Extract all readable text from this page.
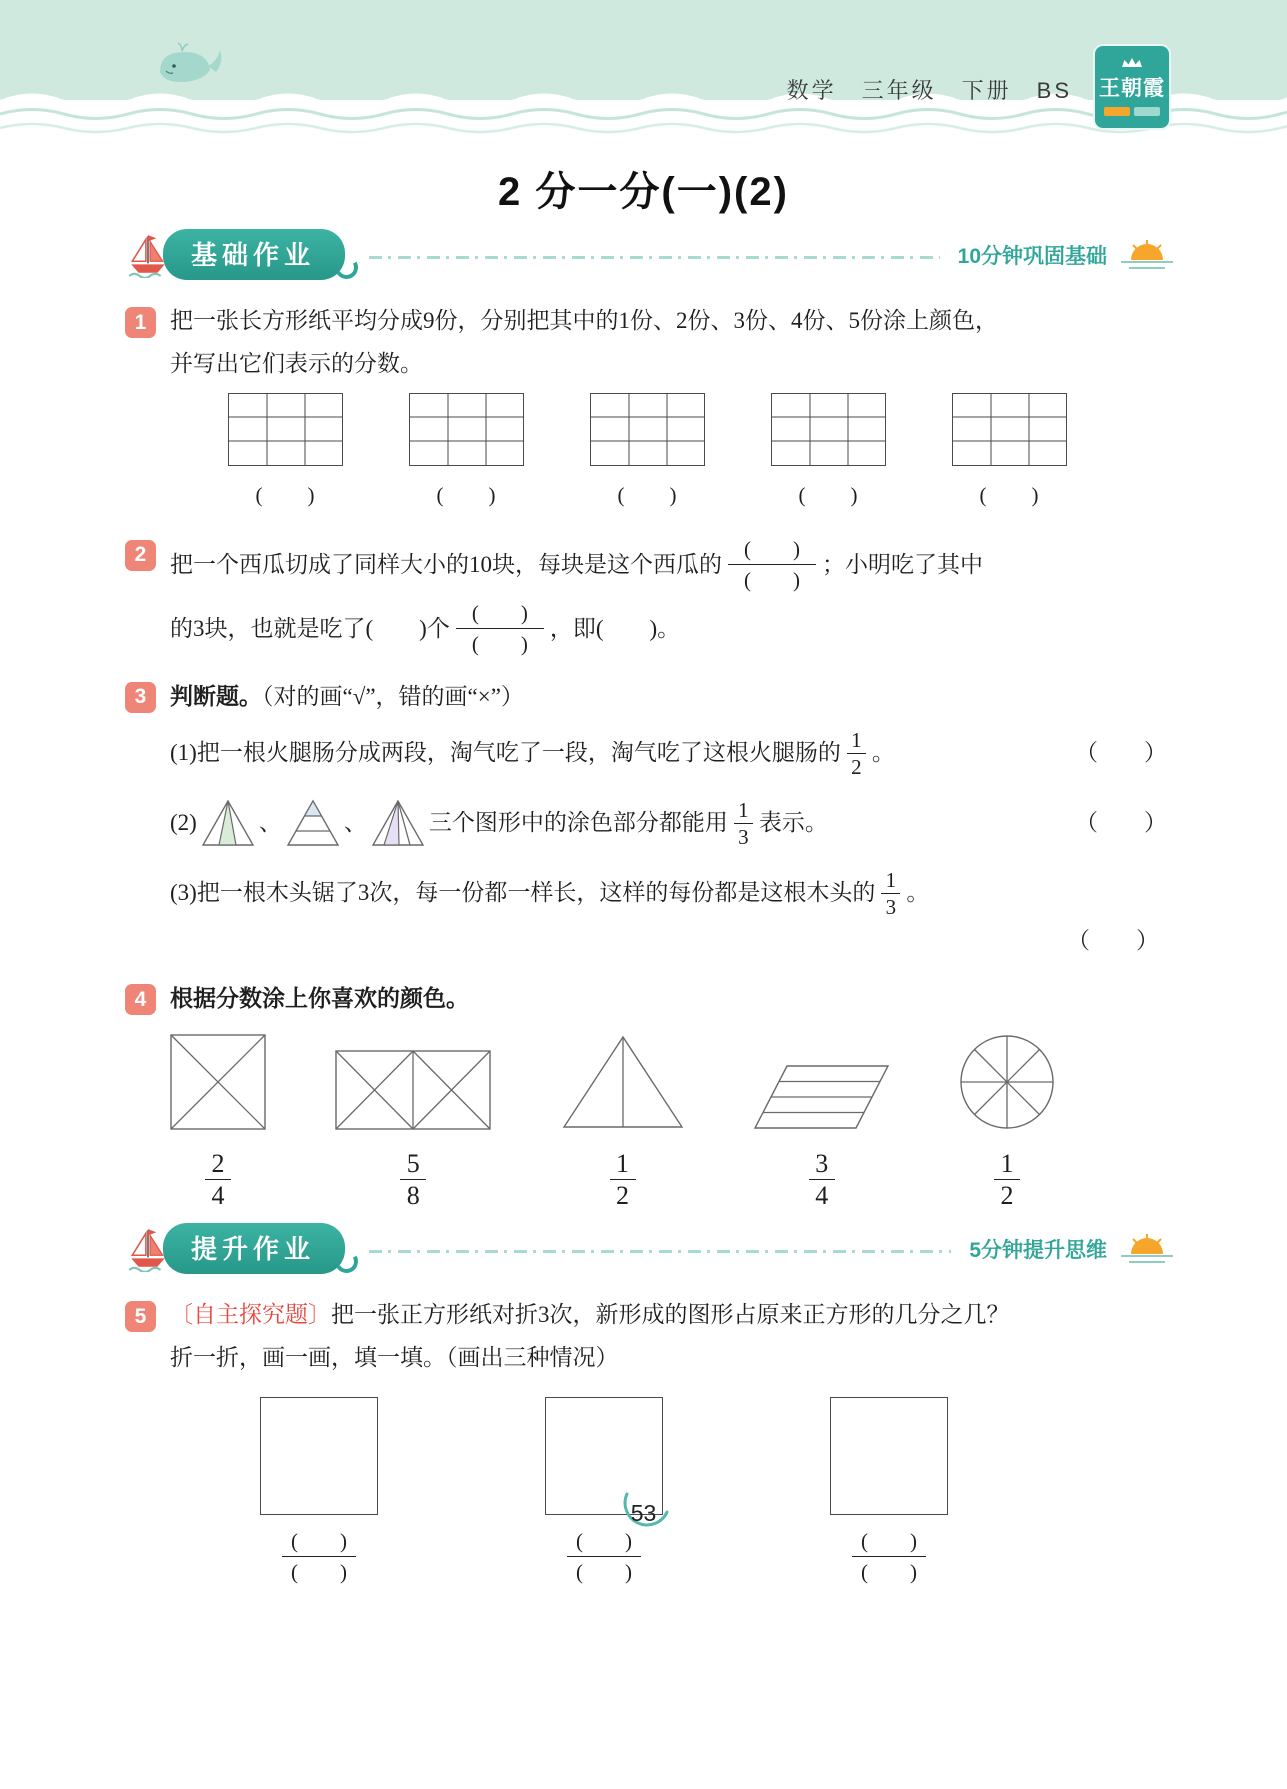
数学　三年级　下册　BS 王朝霞
2 分一分(一)(2)
基础作业	10分钟巩固基础
1	把一张长方形纸平均分成9份，分别把其中的1份、2份、3份、4份、5份涂上颜色，
并写出它们表示的分数。
(　　)	(　　)	(　　)	(　　)	(　　)
2	把一个西瓜切成了同样大小的10块，每块是这个西瓜的
(　　)
(　　)
；小明吃了其中
的3块，也就是吃了(　　)个
(　　)
(　　)
，即(　　)。
3	判断题。（对的画“√”，错的画“×”）
(1)把一根火腿肠分成两段，淘气吃了一段，淘气吃了这根火腿肠的 $\frac{1}{2}$ 。	（　　）
(2)	、	、	三个图形中的涂色部分都能用 $\frac{1}{3}$ 表示。	（　　）
(3)把一根木头锯了3次，每一份都一样长，这样的每份都是这根木头的 $\frac{1}{3}$ 。
（　　）
4	根据分数涂上你喜欢的颜色。
$\frac{2}{4}$	$\frac{5}{8}$	$\frac{1}{2}$	$\frac{3}{4}$	$\frac{1}{2}$
提升作业	5分钟提升思维
5	〔自主探究题〕把一张正方形纸对折3次，新形成的图形占原来正方形的几分之几？
折一折，画一画，填一填。（画出三种情况）
(　　)
(　　)
(　　)
(　　)
(　　)
(　　)
53
